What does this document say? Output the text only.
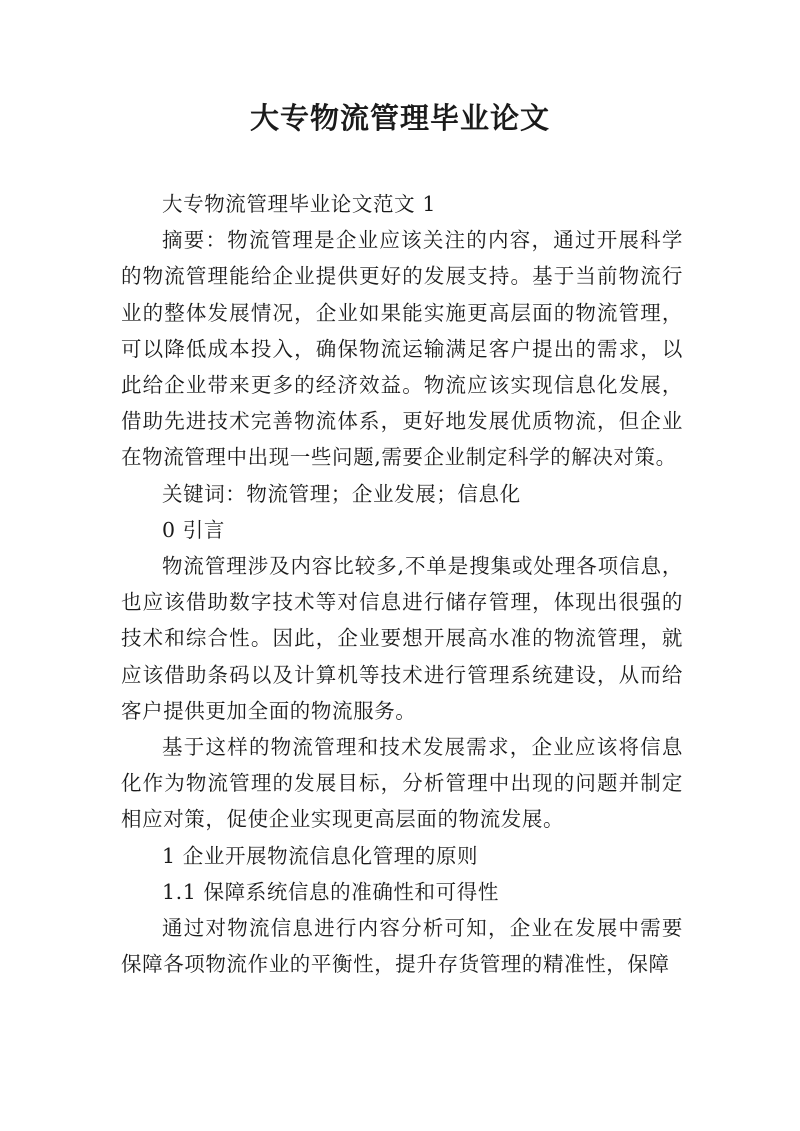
大专物流管理毕业论文

大专物流管理毕业论文范文 1

摘要：物流管理是企业应该关注的内容，通过开展科学的物流管理能给企业提供更好的发展支持。基于当前物流行业的整体发展情况，企业如果能实施更高层面的物流管理，可以降低成本投入，确保物流运输满足客户提出的需求，以此给企业带来更多的经济效益。物流应该实现信息化发展，借助先进技术完善物流体系，更好地发展优质物流，但企业在物流管理中出现一些问题,需要企业制定科学的解决对策。

关键词：物流管理；企业发展；信息化

0 引言

物流管理涉及内容比较多,不单是搜集或处理各项信息，也应该借助数字技术等对信息进行储存管理，体现出很强的技术和综合性。因此，企业要想开展高水准的物流管理，就应该借助条码以及计算机等技术进行管理系统建设，从而给客户提供更加全面的物流服务。

基于这样的物流管理和技术发展需求，企业应该将信息化作为物流管理的发展目标，分析管理中出现的问题并制定相应对策，促使企业实现更高层面的物流发展。

1 企业开展物流信息化管理的原则

1.1 保障系统信息的准确性和可得性

通过对物流信息进行内容分析可知，企业在发展中需要保障各项物流作业的平衡性，提升存货管理的精准性，保障
